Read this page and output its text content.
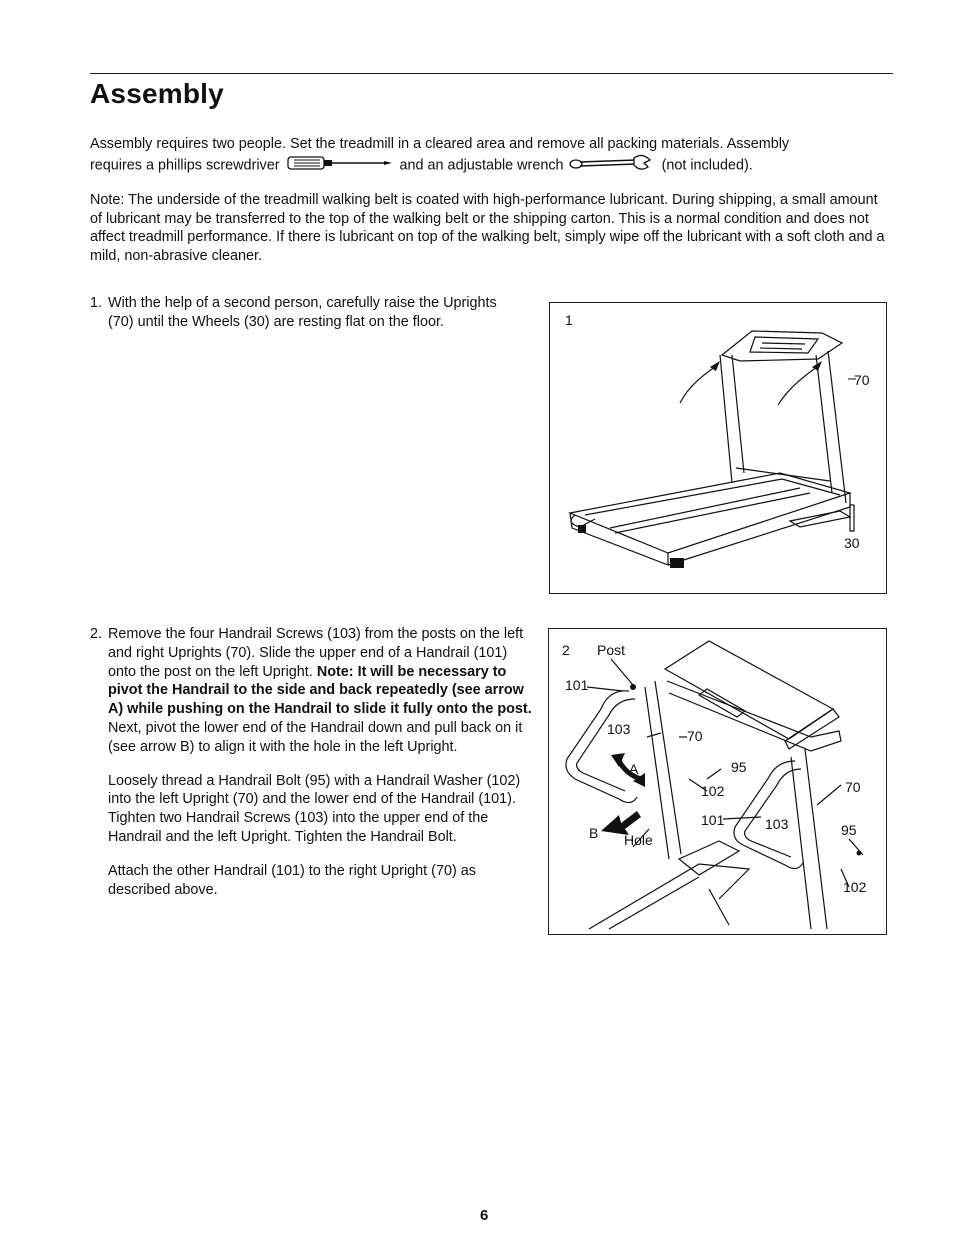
Assembly
Assembly requires two people. Set the treadmill in a cleared area and remove all packing materials. Assembly
requires a phillips screwdriver	and an adjustable wrench	(not included).

Note: The underside of the treadmill walking belt is coated with high-performance lubricant. During shipping, a small amount of lubricant may be transferred to the top of the walking belt or the shipping carton. This is a normal condition and does not affect treadmill performance. If there is lubricant on top of the walking belt, simply wipe off the lubricant with a soft cloth and a mild, non-abrasive cleaner.

1. With the help of a second person, carefully raise the Uprights (70) until the Wheels (30) are resting flat on the floor.
2. Remove the four Handrail Screws (103) from the posts on the left and right Uprights (70). Slide the upper end of a Handrail (101) onto the post on the left Upright. Note: It will be necessary to pivot the Handrail to the side and back repeatedly (see arrow A) while pushing on the Handrail to slide it fully onto the post. Next, pivot the lower end of the Handrail down and pull back on it (see arrow B) to align it with the hole in the left Upright.

Loosely thread a Handrail Bolt (95) with a Handrail Washer (102) into the left Upright (70) and the lower end of the Handrail (101). Tighten two Handrail Screws (103) into the upper end of the Handrail and the left Upright. Tighten the Handrail Bolt.

Attach the other Handrail (101) to the right Upright (70) as described above.

1
70
30
2 Post
101
103	70
95
A
102
B Hole
101	103
70
95
102
6
